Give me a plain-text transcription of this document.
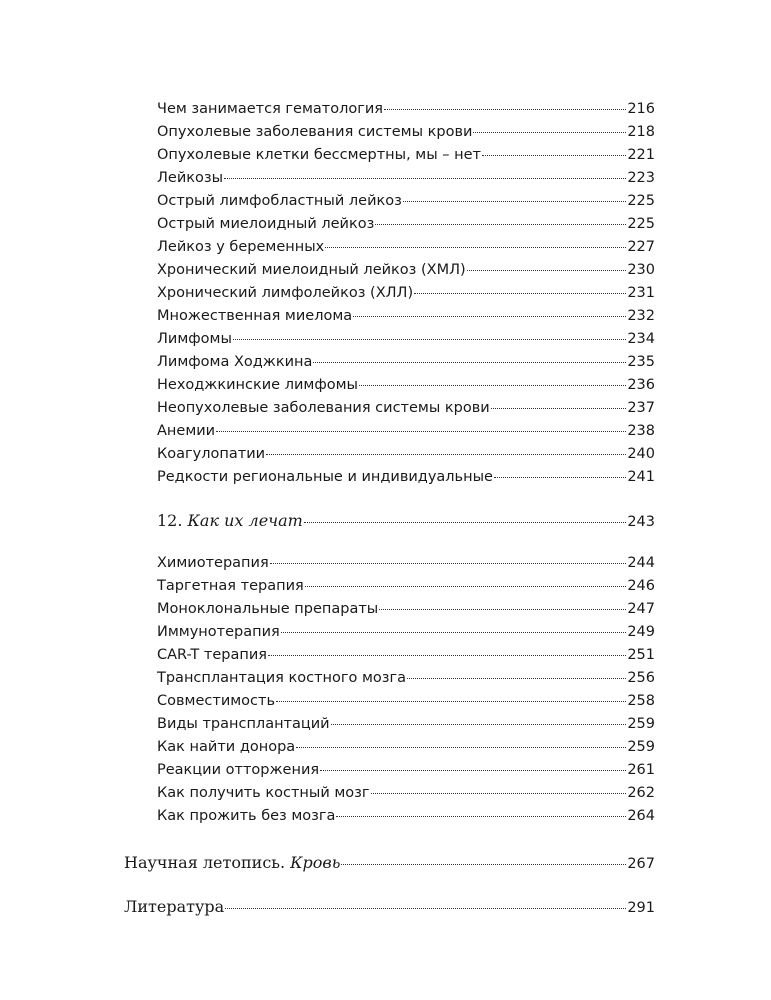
Чем занимается гематология	216
Опухолевые заболевания системы крови	218
Опухолевые клетки бессмертны, мы – нет	221
Лейкозы	223
Острый лимфобластный лейкоз	225
Острый миелоидный лейкоз	225
Лейкоз у беременных	227
Хронический миелоидный лейкоз (ХМЛ)	230
Хронический лимфолейкоз (ХЛЛ)	231
Множественная миелома	232
Лимфомы	234
Лимфома Ходжкина	235
Неходжкинские лимфомы	236
Неопухолевые заболевания системы крови	237
Анемии	238
Коагулопатии	240
Редкости региональные и индивидуальные	241
12. Как их лечат	243
Химиотерапия	244
Таргетная терапия	246
Моноклональные препараты	247
Иммунотерапия	249
CAR-T терапия	251
Трансплантация костного мозга	256
Совместимость	258
Виды трансплантаций	259
Как найти донора	259
Реакции отторжения	261
Как получить костный мозг	262
Как прожить без мозга	264
Научная летопись. Кровь	267
Литература	291
